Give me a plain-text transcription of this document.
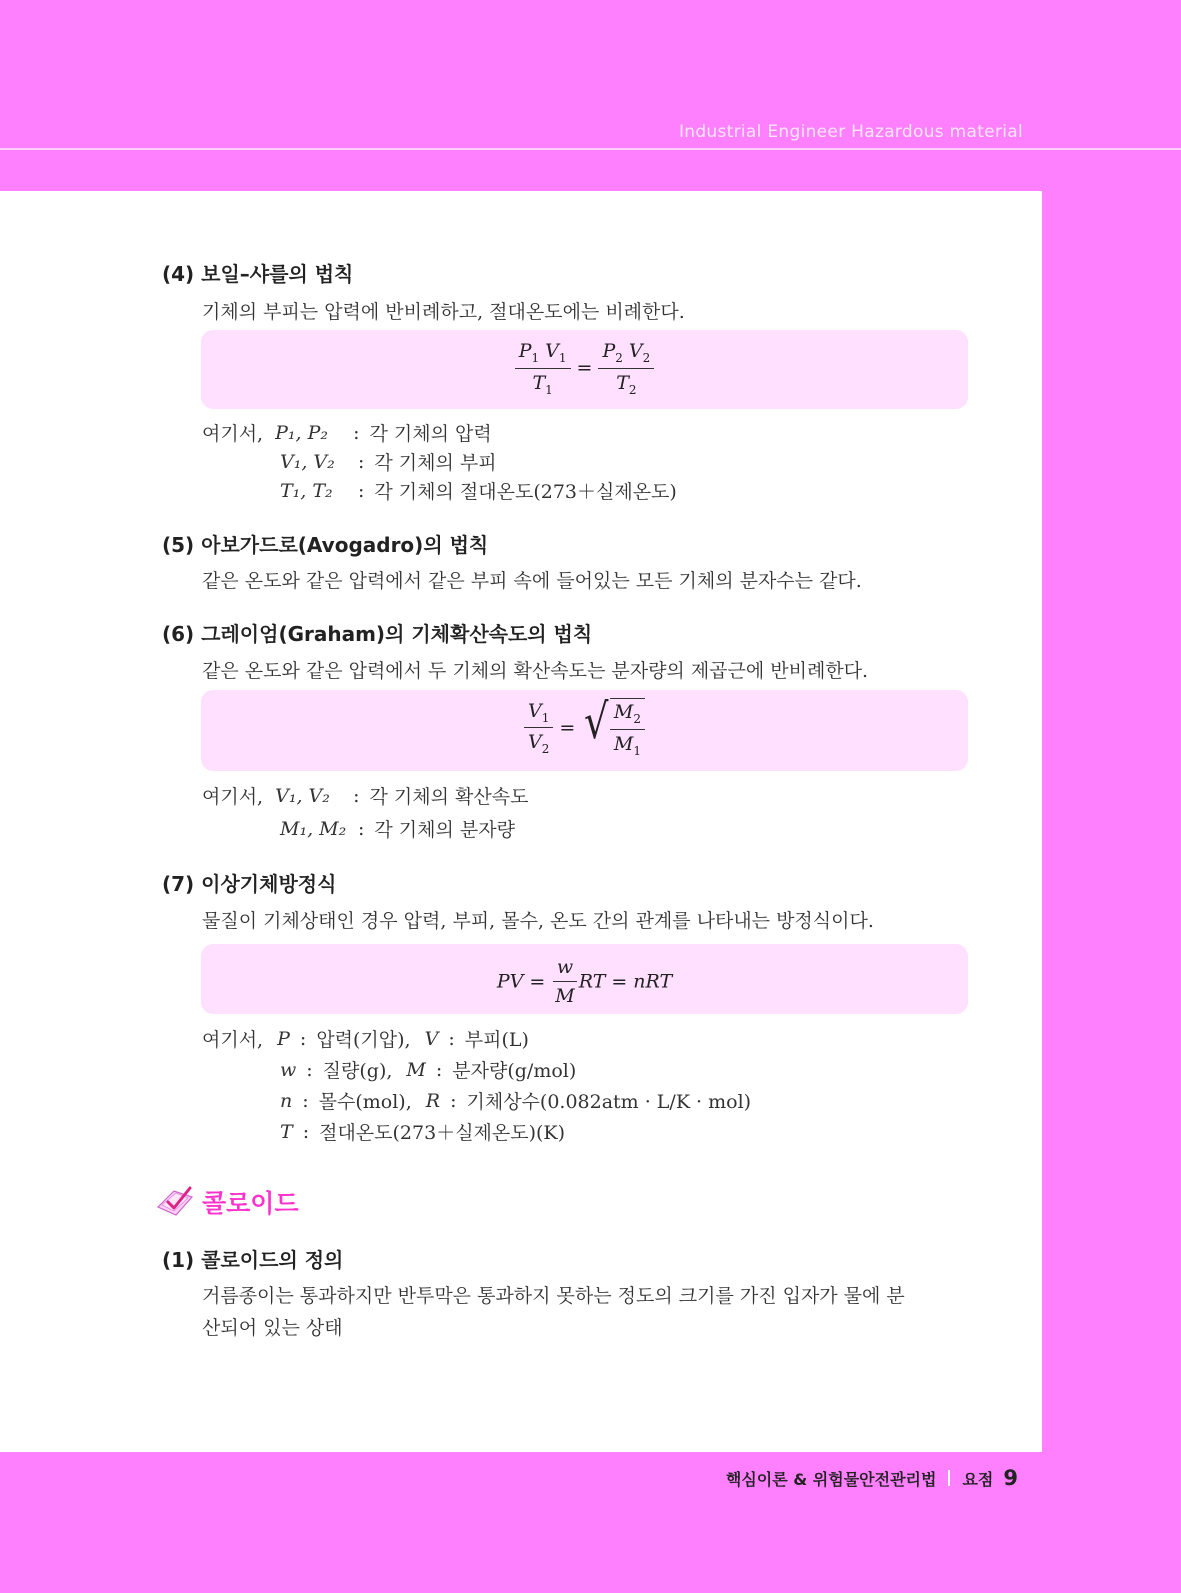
Industrial Engineer Hazardous material
(4) 보일–샤를의 법칙
기체의 부피는 압력에 반비례하고, 절대온도에는 비례한다.
$\frac{P_1 V_1}{T_1} = \frac{P_2 V_2}{T_2}$
여기서, P₁, P₂	: 각 기체의 압력
V₁, V₂	: 각 기체의 부피
T₁, T₂	: 각 기체의 절대온도(273＋실제온도)
(5) 아보가드로(Avogadro)의 법칙
같은 온도와 같은 압력에서 같은 부피 속에 들어있는 모든 기체의 분자수는 같다.
(6) 그레이엄(Graham)의 기체확산속도의 법칙
같은 온도와 같은 압력에서 두 기체의 확산속도는 분자량의 제곱근에 반비례한다.
$\frac{V_1}{V_2}$ = √ $\frac{M_2}{M_1}$
여기서, V₁, V₂	: 각 기체의 확산속도
M₁, M₂ : 각 기체의 분자량
(7) 이상기체방정식
물질이 기체상태인 경우 압력, 부피, 몰수, 온도 간의 관계를 나타내는 방정식이다.
PV = $\frac{w}{M}$ RT = nRT
여기서, P : 압력(기압), V : 부피(L)
w : 질량(g), M : 분자량(g/mol)
n : 몰수(mol), R : 기체상수(0.082atm · L/K · mol)
T : 절대온도(273＋실제온도)(K)
콜로이드
(1) 콜로이드의 정의
거름종이는 통과하지만 반투막은 통과하지 못하는 정도의 크기를 가진 입자가 물에 분
산되어 있는 상태
핵심이론 & 위험물안전관리법 요점 9
